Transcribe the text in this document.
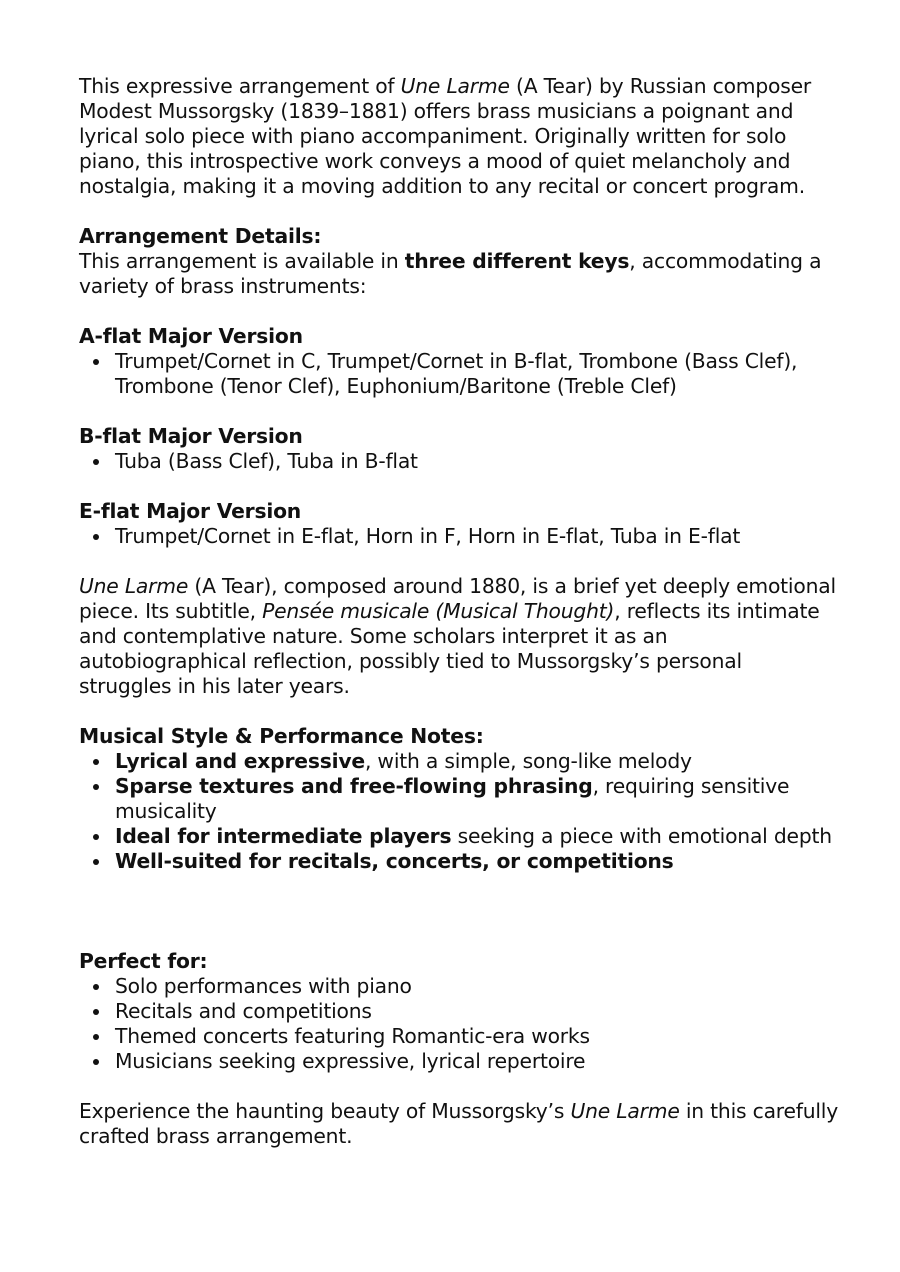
This expressive arrangement of Une Larme (A Tear) by Russian composer Modest Mussorgsky (1839–1881) offers brass musicians a poignant and lyrical solo piece with piano accompaniment. Originally written for solo piano, this introspective work conveys a mood of quiet melancholy and nostalgia, making it a moving addition to any recital or concert program.

Arrangement Details:

This arrangement is available in three different keys, accommodating a variety of brass instruments:

A-flat Major Version

Trumpet/Cornet in C, Trumpet/Cornet in B-flat, Trombone (Bass Clef), Trombone (Tenor Clef), Euphonium/Baritone (Treble Clef)

B-flat Major Version

Tuba (Bass Clef), Tuba in B-flat

E-flat Major Version

Trumpet/Cornet in E-flat, Horn in F, Horn in E-flat, Tuba in E-flat

Une Larme (A Tear), composed around 1880, is a brief yet deeply emotional piece. Its subtitle, Pensée musicale (Musical Thought), reflects its intimate and contemplative nature. Some scholars interpret it as an autobiographical reflection, possibly tied to Mussorgsky’s personal struggles in his later years.

Musical Style & Performance Notes:

Lyrical and expressive, with a simple, song-like melody
Sparse textures and free-flowing phrasing, requiring sensitive musicality
Ideal for intermediate players seeking a piece with emotional depth
Well-suited for recitals, concerts, or competitions

Perfect for:

Solo performances with piano
Recitals and competitions
Themed concerts featuring Romantic-era works
Musicians seeking expressive, lyrical repertoire

Experience the haunting beauty of Mussorgsky’s Une Larme in this carefully crafted brass arrangement.
